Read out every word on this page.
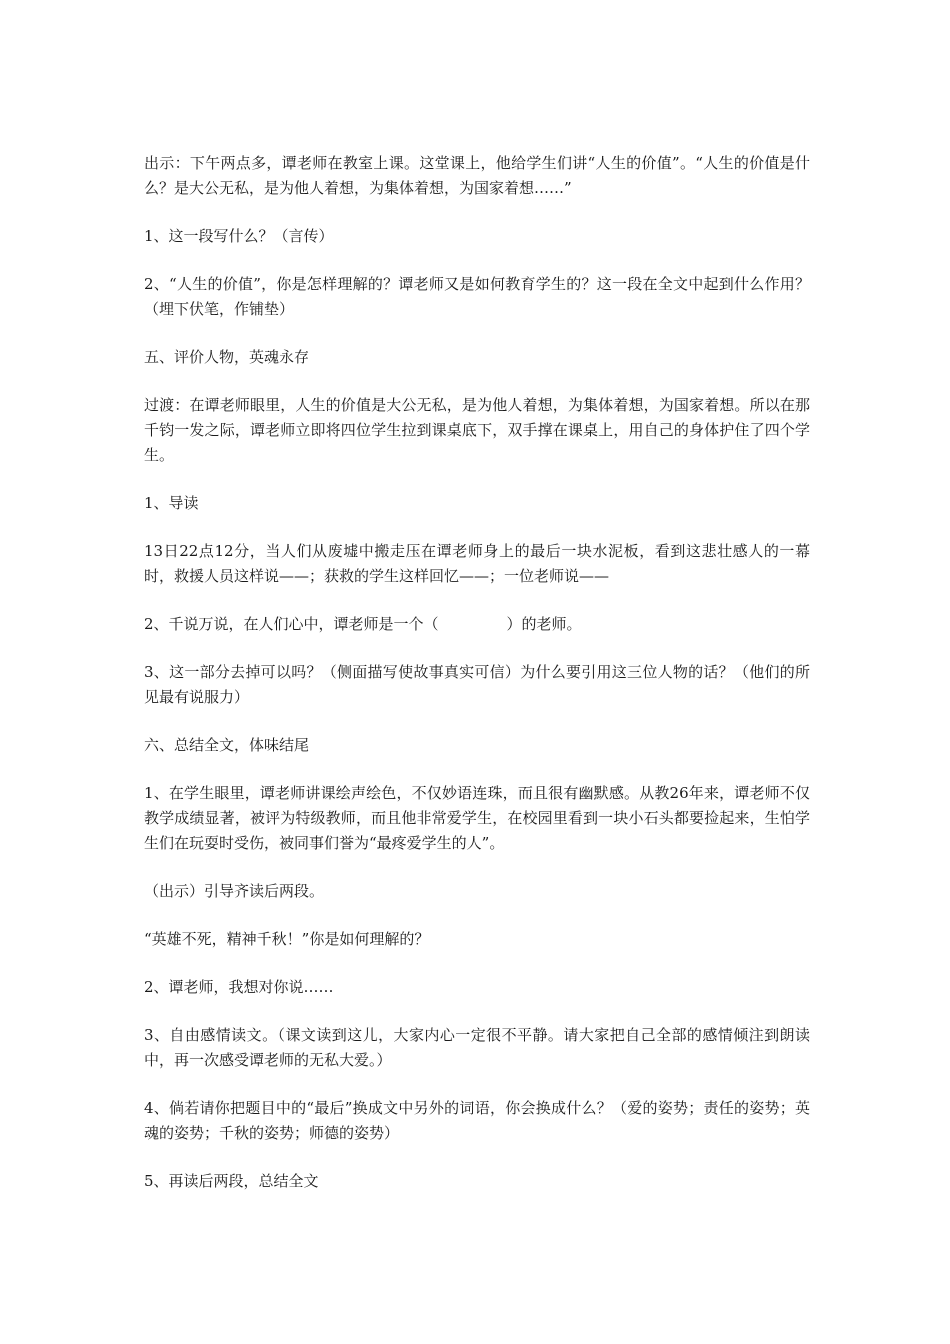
出示：下午两点多，谭老师在教室上课。这堂课上，他给学生们讲“人生的价值”。“人生的价值是什么？是大公无私，是为他人着想，为集体着想，为国家着想……”

1、这一段写什么？（言传）

2、“人生的价值”，你是怎样理解的？谭老师又是如何教育学生的？这一段在全文中起到什么作用？（埋下伏笔，作铺垫）

五、评价人物，英魂永存

过渡：在谭老师眼里，人生的价值是大公无私，是为他人着想，为集体着想，为国家着想。所以在那千钧一发之际，谭老师立即将四位学生拉到课桌底下，双手撑在课桌上，用自己的身体护住了四个学生。

1、导读

13日22点12分，当人们从废墟中搬走压在谭老师身上的最后一块水泥板，看到这悲壮感人的一幕时，救援人员这样说——；获救的学生这样回忆——；一位老师说——

2、千说万说，在人们心中，谭老师是一个（	）的老师。

3、这一部分去掉可以吗？（侧面描写使故事真实可信）为什么要引用这三位人物的话？（他们的所见最有说服力）

六、总结全文，体味结尾

1、在学生眼里，谭老师讲课绘声绘色，不仅妙语连珠，而且很有幽默感。从教26年来，谭老师不仅教学成绩显著，被评为特级教师，而且他非常爱学生，在校园里看到一块小石头都要捡起来，生怕学生们在玩耍时受伤，被同事们誉为“最疼爱学生的人”。

（出示）引导齐读后两段。

“英雄不死，精神千秋！”你是如何理解的？

2、谭老师，我想对你说……

3、自由感情读文。（课文读到这儿，大家内心一定很不平静。请大家把自己全部的感情倾注到朗读中，再一次感受谭老师的无私大爱。）

4、倘若请你把题目中的“最后”换成文中另外的词语，你会换成什么？（爱的姿势；责任的姿势；英魂的姿势；千秋的姿势；师德的姿势）

5、再读后两段，总结全文
